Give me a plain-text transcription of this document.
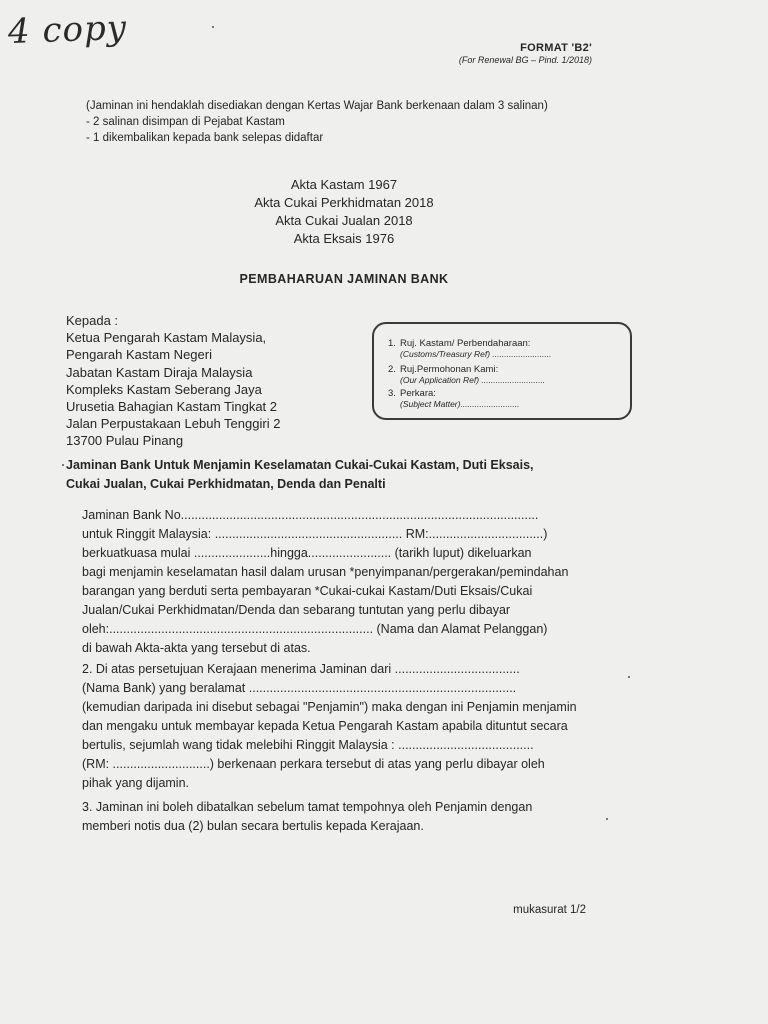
4 copy	FORMAT 'B2'
(For Renewal BG – Pind. 1/2018)
(Jaminan ini hendaklah disediakan dengan Kertas Wajar Bank berkenaan dalam 3 salinan)
- 2 salinan disimpan di Pejabat Kastam
- 1 dikembalikan kepada bank selepas didaftar
Akta Kastam 1967
Akta Cukai Perkhidmatan 2018
Akta Cukai Jualan 2018
Akta Eksais 1976
PEMBAHARUAN JAMINAN BANK
Kepada :
Ketua Pengarah Kastam Malaysia,
Pengarah Kastam Negeri
Jabatan Kastam Diraja Malaysia
Kompleks Kastam Seberang Jaya
Urusetia Bahagian Kastam Tingkat 2
Jalan Perpustakaan Lebuh Tenggiri 2
13700 Pulau Pinang
1. Ruj. Kastam/ Perbendaharaan:
(Customs/Treasury Ref) .........................
2. Ruj.Permohonan Kami:
(Our Application Ref) ...........................
3. Perkara:
(Subject Matter).........................
Jaminan Bank Untuk Menjamin Keselamatan Cukai-Cukai Kastam, Duti Eksais,
Cukai Jualan, Cukai Perkhidmatan, Denda dan Penalti
Jaminan Bank No.......................................................................................................
untuk Ringgit Malaysia: ...................................................... RM:.................................)
berkuatkuasa mulai ......................hingga........................ (tarikh luput) dikeluarkan
bagi menjamin keselamatan hasil dalam urusan *penyimpanan/pergerakan/pemindahan
barangan yang berduti serta pembayaran *Cukai-cukai Kastam/Duti Eksais/Cukai
Jualan/Cukai Perkhidmatan/Denda dan sebarang tuntutan yang perlu dibayar
oleh:............................................................................ (Nama dan Alamat Pelanggan)
di bawah Akta-akta yang tersebut di atas.
2. Di atas persetujuan Kerajaan menerima Jaminan dari ....................................
(Nama Bank) yang beralamat .............................................................................
(kemudian daripada ini disebut sebagai "Penjamin") maka dengan ini Penjamin menjamin
dan mengaku untuk membayar kepada Ketua Pengarah Kastam apabila dituntut secara
bertulis, sejumlah wang tidak melebihi Ringgit Malaysia : .......................................
(RM: ............................) berkenaan perkara tersebut di atas yang perlu dibayar oleh
pihak yang dijamin.
3. Jaminan ini boleh dibatalkan sebelum tamat tempohnya oleh Penjamin dengan
memberi notis dua (2) bulan secara bertulis kepada Kerajaan.
mukasurat 1/2
